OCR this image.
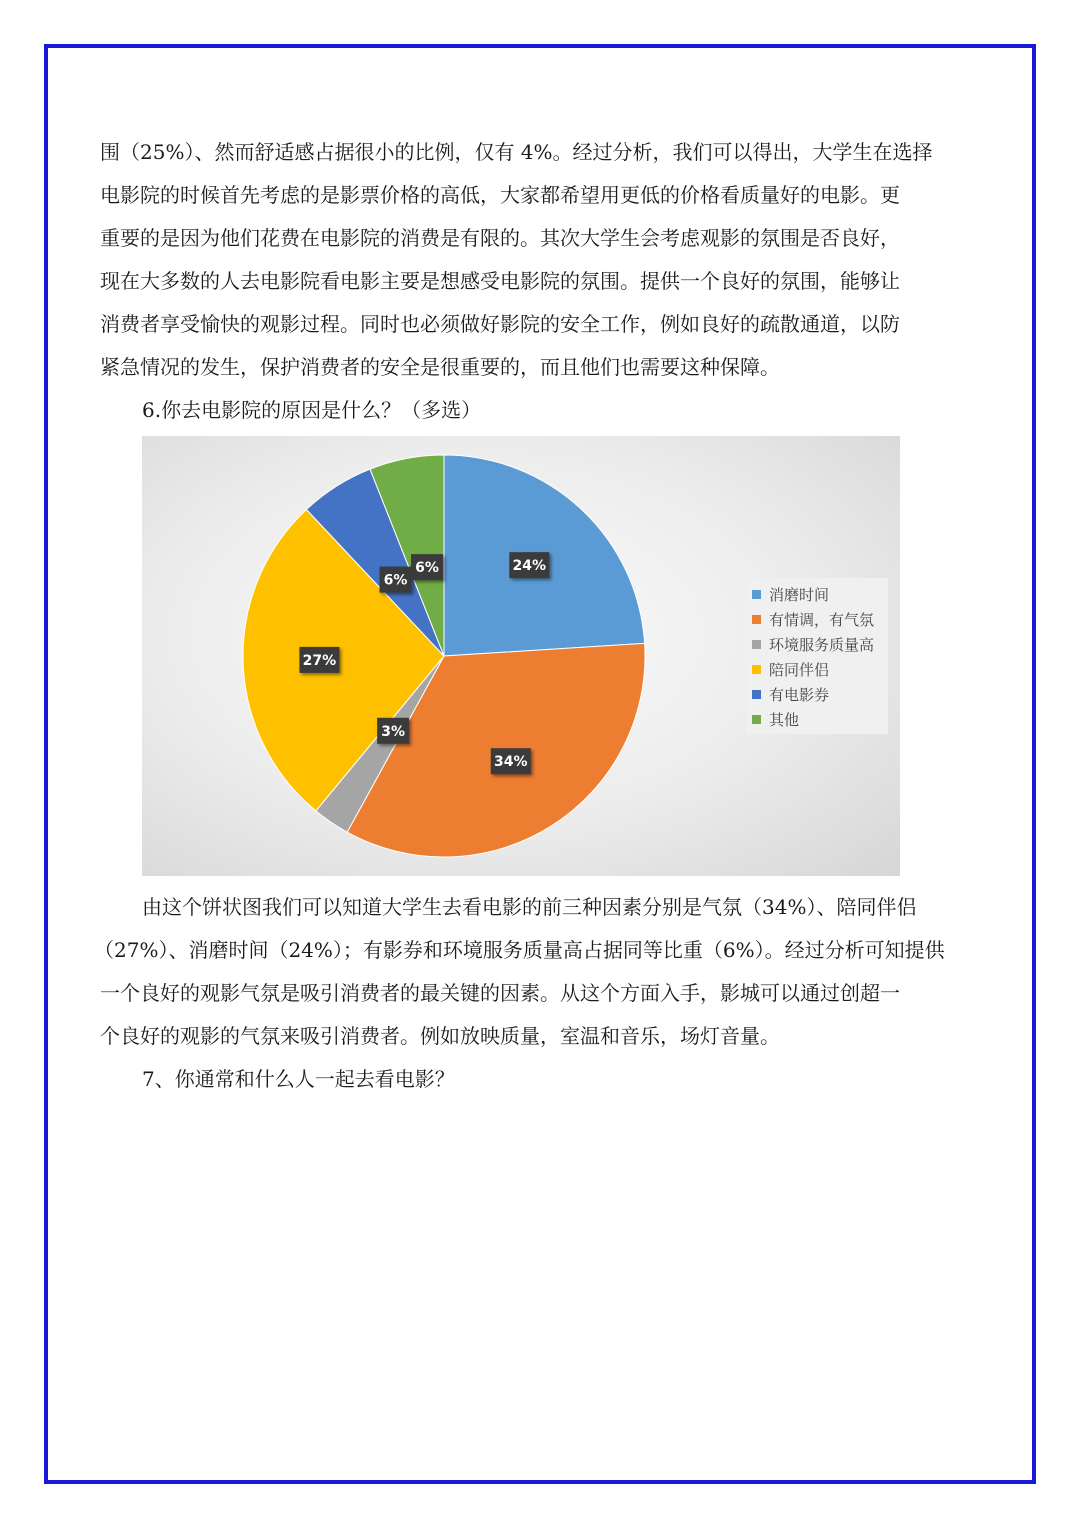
围（25%）、然而舒适感占据很小的比例，仅有 4%。经过分析，我们可以得出，大学生在选择
电影院的时候首先考虑的是影票价格的高低，大家都希望用更低的价格看质量好的电影。更
重要的是因为他们花费在电影院的消费是有限的。其次大学生会考虑观影的氛围是否良好，
现在大多数的人去电影院看电影主要是想感受电影院的氛围。提供一个良好的氛围，能够让
消费者享受愉快的观影过程。同时也必须做好影院的安全工作，例如良好的疏散通道，以防
紧急情况的发生，保护消费者的安全是很重要的，而且他们也需要这种保障。
6.你去电影院的原因是什么？（多选）
24%
34%
3%
27%
6%
6%
消磨时间
有情调，有气氛
环境服务质量高
陪同伴侣
有电影券
其他
由这个饼状图我们可以知道大学生去看电影的前三种因素分别是气氛（34%）、陪同伴侣
（27%）、消磨时间（24%）；有影券和环境服务质量高占据同等比重（6%）。经过分析可知提供
一个良好的观影气氛是吸引消费者的最关键的因素。从这个方面入手，影城可以通过创超一
个良好的观影的气氛来吸引消费者。例如放映质量，室温和音乐，场灯音量。
7、你通常和什么人一起去看电影？
